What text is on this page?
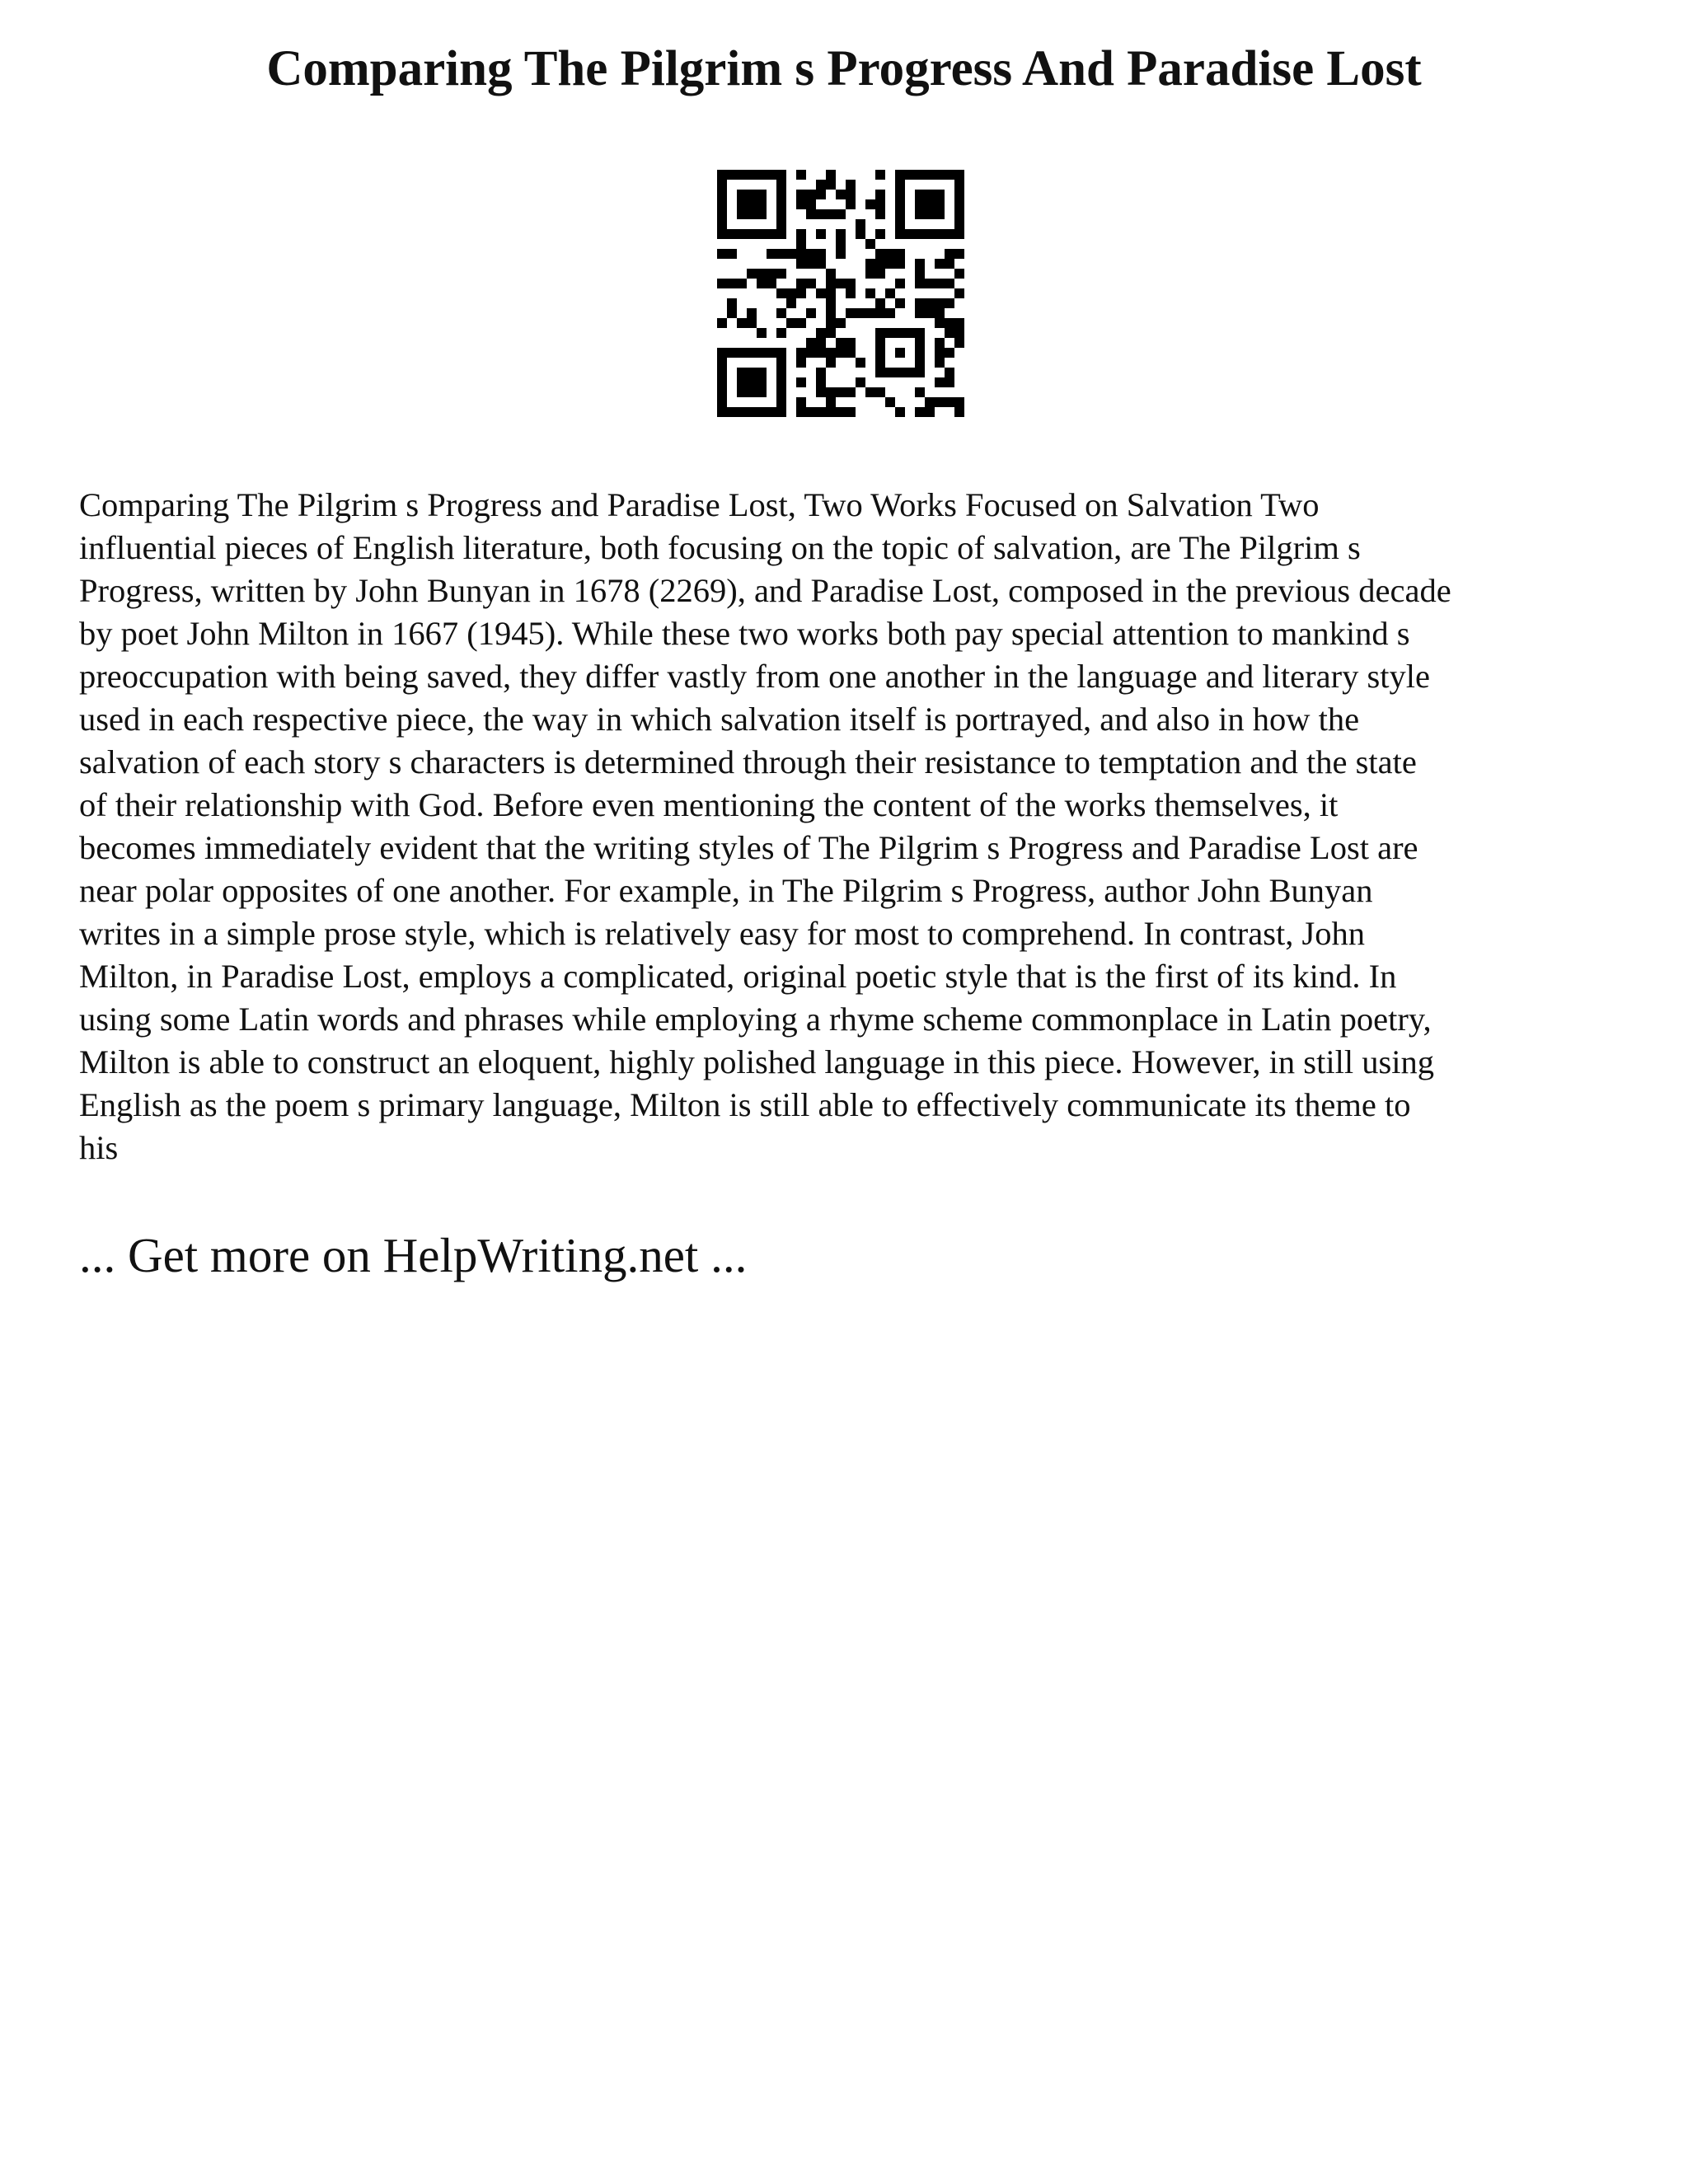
Comparing The Pilgrim s Progress And Paradise Lost

Comparing The Pilgrim s Progress and Paradise Lost, Two Works Focused on Salvation Two
influential pieces of English literature, both focusing on the topic of salvation, are The Pilgrim s
Progress, written by John Bunyan in 1678 (2269), and Paradise Lost, composed in the previous decade
by poet John Milton in 1667 (1945). While these two works both pay special attention to mankind s
preoccupation with being saved, they differ vastly from one another in the language and literary style
used in each respective piece, the way in which salvation itself is portrayed, and also in how the
salvation of each story s characters is determined through their resistance to temptation and the state
of their relationship with God. Before even mentioning the content of the works themselves, it
becomes immediately evident that the writing styles of The Pilgrim s Progress and Paradise Lost are
near polar opposites of one another. For example, in The Pilgrim s Progress, author John Bunyan
writes in a simple prose style, which is relatively easy for most to comprehend. In contrast, John
Milton, in Paradise Lost, employs a complicated, original poetic style that is the first of its kind. In
using some Latin words and phrases while employing a rhyme scheme commonplace in Latin poetry,
Milton is able to construct an eloquent, highly polished language in this piece. However, in still using
English as the poem s primary language, Milton is still able to effectively communicate its theme to
his

... Get more on HelpWriting.net ...
